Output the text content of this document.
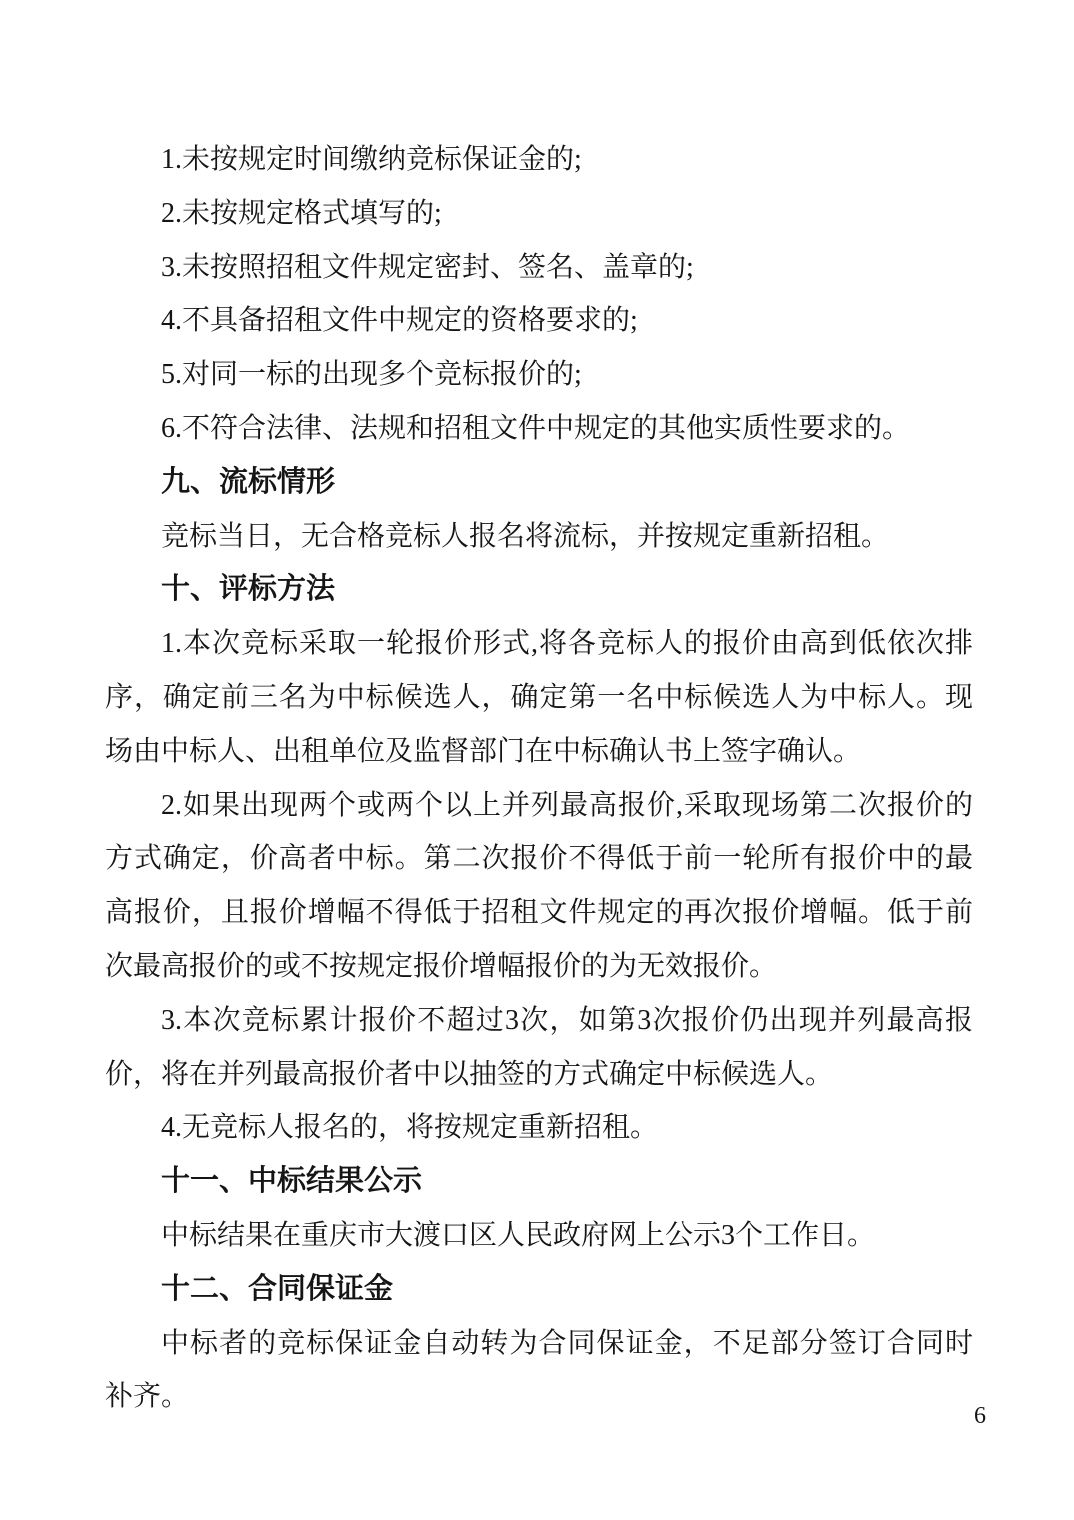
1.未按规定时间缴纳竞标保证金的;
2.未按规定格式填写的;
3.未按照招租文件规定密封、签名、盖章的;
4.不具备招租文件中规定的资格要求的;
5.对同一标的出现多个竞标报价的;
6.不符合法律、法规和招租文件中规定的其他实质性要求的。
九、流标情形
竞标当日，无合格竞标人报名将流标，并按规定重新招租。
十、评标方法
1.本次竞标采取一轮报价形式,将各竞标人的报价由高到低依次排
序，确定前三名为中标候选人，确定第一名中标候选人为中标人。现
场由中标人、出租单位及监督部门在中标确认书上签字确认。
2.如果出现两个或两个以上并列最高报价,采取现场第二次报价的
方式确定，价高者中标。第二次报价不得低于前一轮所有报价中的最
高报价，且报价增幅不得低于招租文件规定的再次报价增幅。低于前
次最高报价的或不按规定报价增幅报价的为无效报价。
3.本次竞标累计报价不超过3次，如第3次报价仍出现并列最高报
价，将在并列最高报价者中以抽签的方式确定中标候选人。
4.无竞标人报名的，将按规定重新招租。
十一、中标结果公示
中标结果在重庆市大渡口区人民政府网上公示3个工作日。
十二、合同保证金
中标者的竞标保证金自动转为合同保证金，不足部分签订合同时
补齐。
6
